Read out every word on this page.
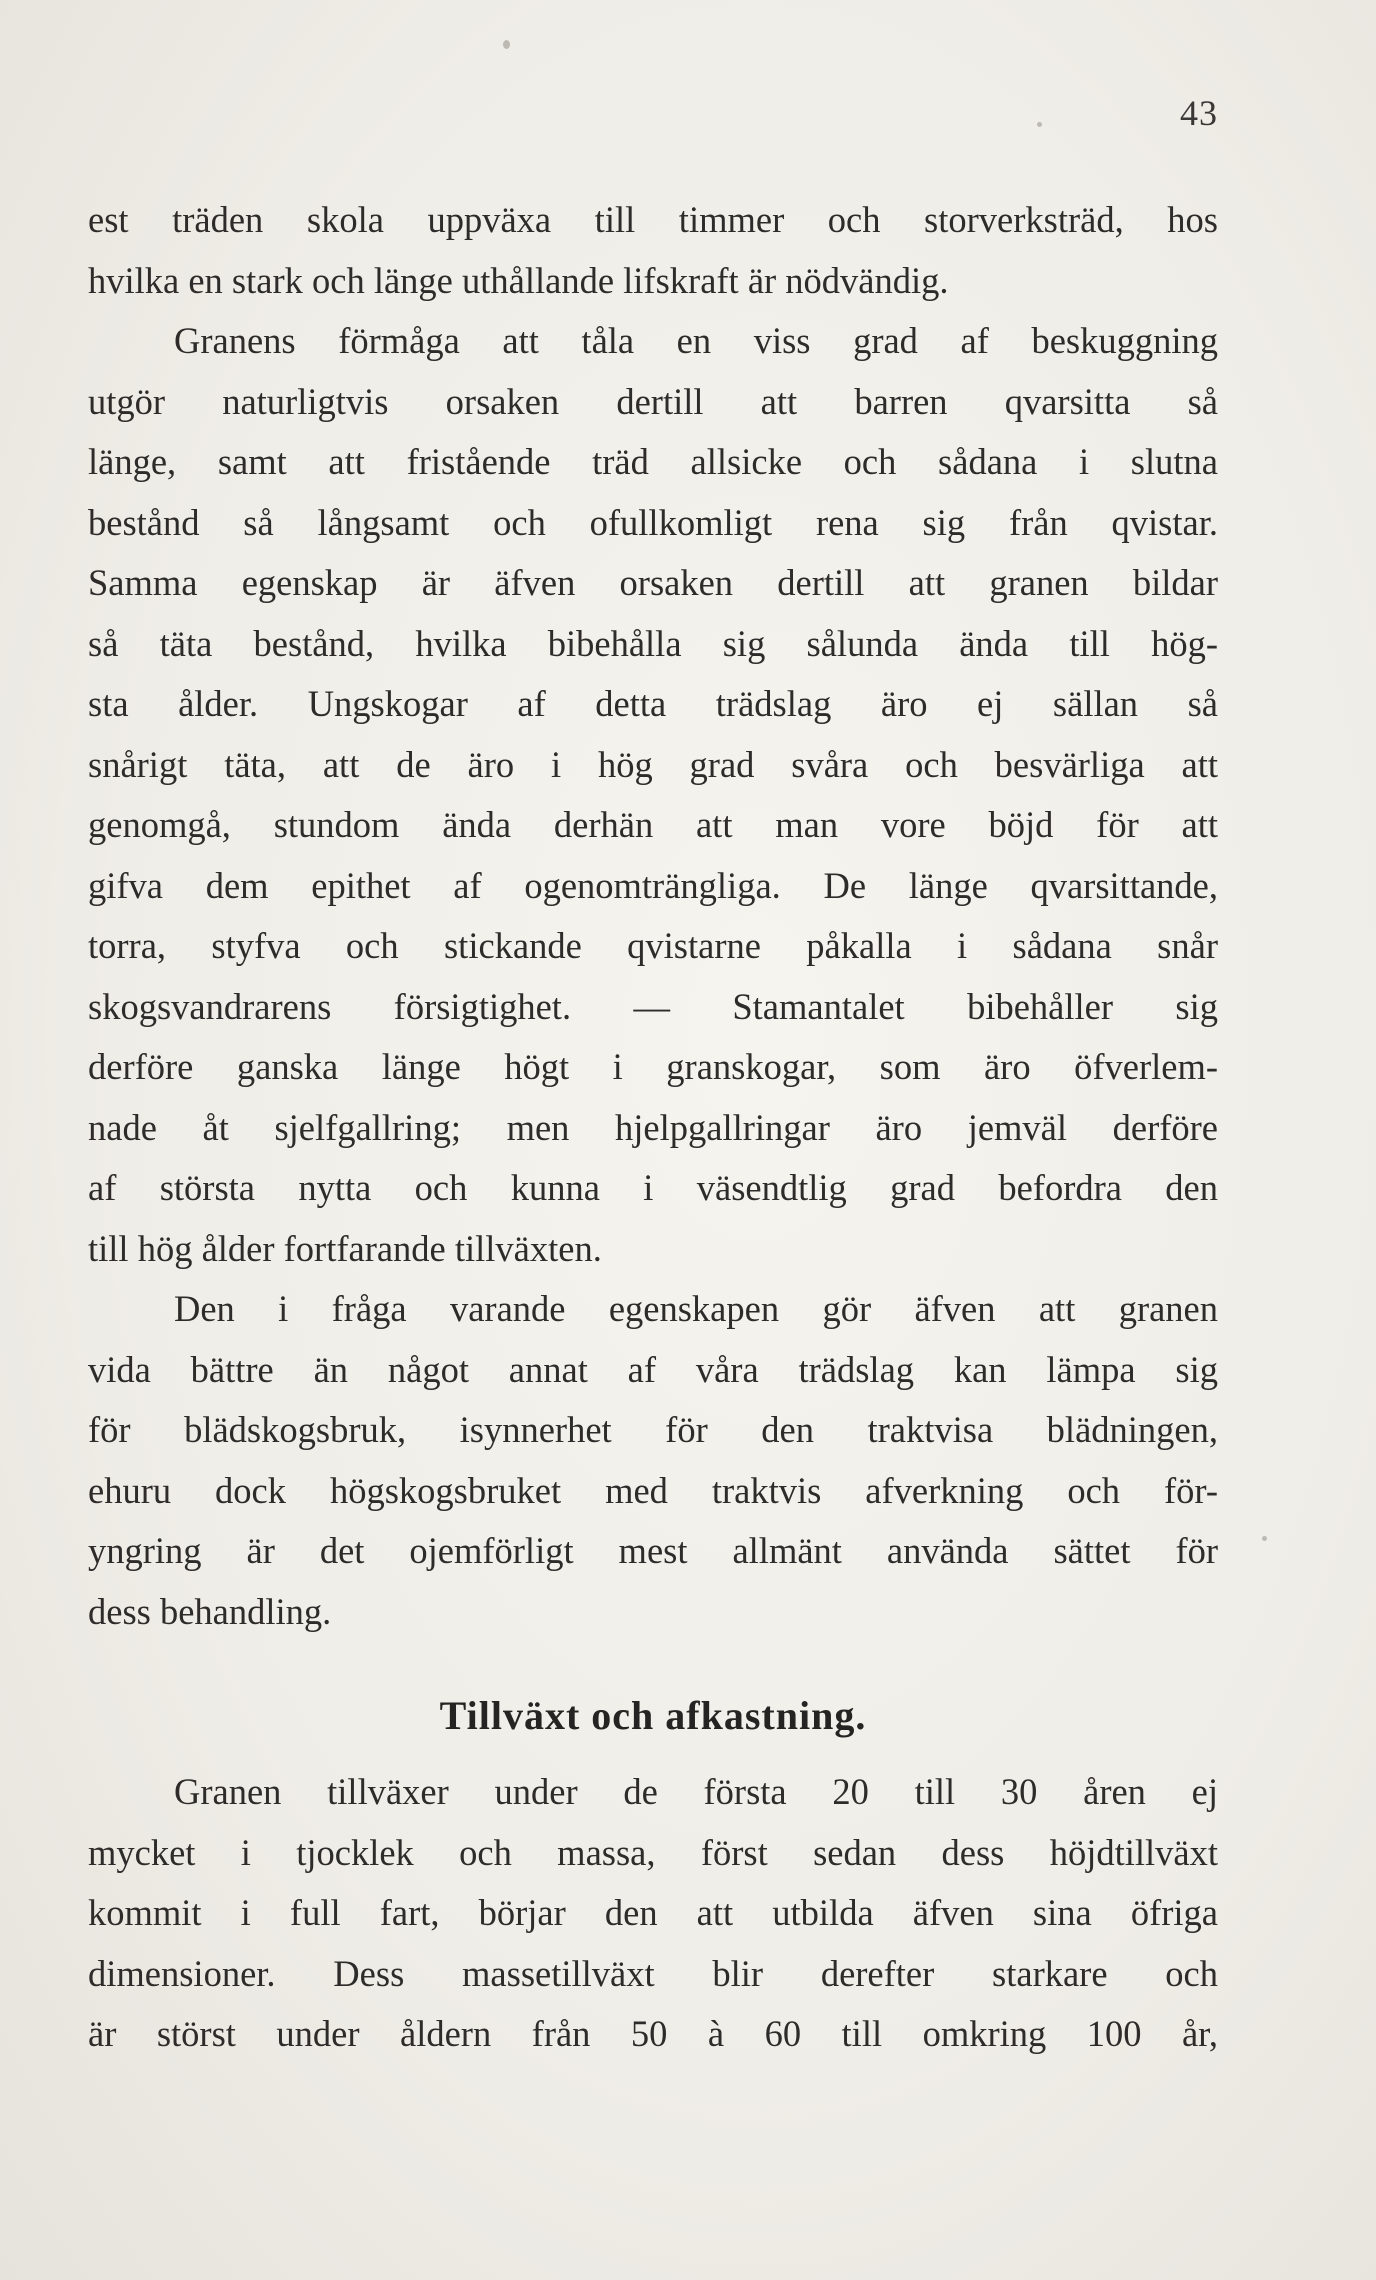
43
est träden skola uppväxa till timmer och storverksträd, hos
hvilka en stark och länge uthållande lifskraft är nödvändig.
Granens förmåga att tåla en viss grad af beskuggning
utgör naturligtvis orsaken dertill att barren qvarsitta så
länge, samt att fristående träd allsicke och sådana i slutna
bestånd så långsamt och ofullkomligt rena sig från qvistar.
Samma egenskap är äfven orsaken dertill att granen bildar
så täta bestånd, hvilka bibehålla sig sålunda ända till hög-
sta ålder. Ungskogar af detta trädslag äro ej sällan så
snårigt täta, att de äro i hög grad svåra och besvärliga att
genomgå, stundom ända derhän att man vore böjd för att
gifva dem epithet af ogenomträngliga. De länge qvarsittande,
torra, styfva och stickande qvistarne påkalla i sådana snår
skogsvandrarens försigtighet. — Stamantalet bibehåller sig
derföre ganska länge högt i granskogar, som äro öfverlem-
nade åt sjelfgallring; men hjelpgallringar äro jemväl derföre
af största nytta och kunna i väsendtlig grad befordra den
till hög ålder fortfarande tillväxten.
Den i fråga varande egenskapen gör äfven att granen
vida bättre än något annat af våra trädslag kan lämpa sig
för blädskogsbruk, isynnerhet för den traktvisa blädningen,
ehuru dock högskogsbruket med traktvis afverkning och för-
yngring är det ojemförligt mest allmänt använda sättet för
dess behandling.
Tillväxt och afkastning.
Granen tillväxer under de första 20 till 30 åren ej
mycket i tjocklek och massa, först sedan dess höjdtillväxt
kommit i full fart, börjar den att utbilda äfven sina öfriga
dimensioner. Dess massetillväxt blir derefter starkare och
är störst under åldern från 50 à 60 till omkring 100 år,
